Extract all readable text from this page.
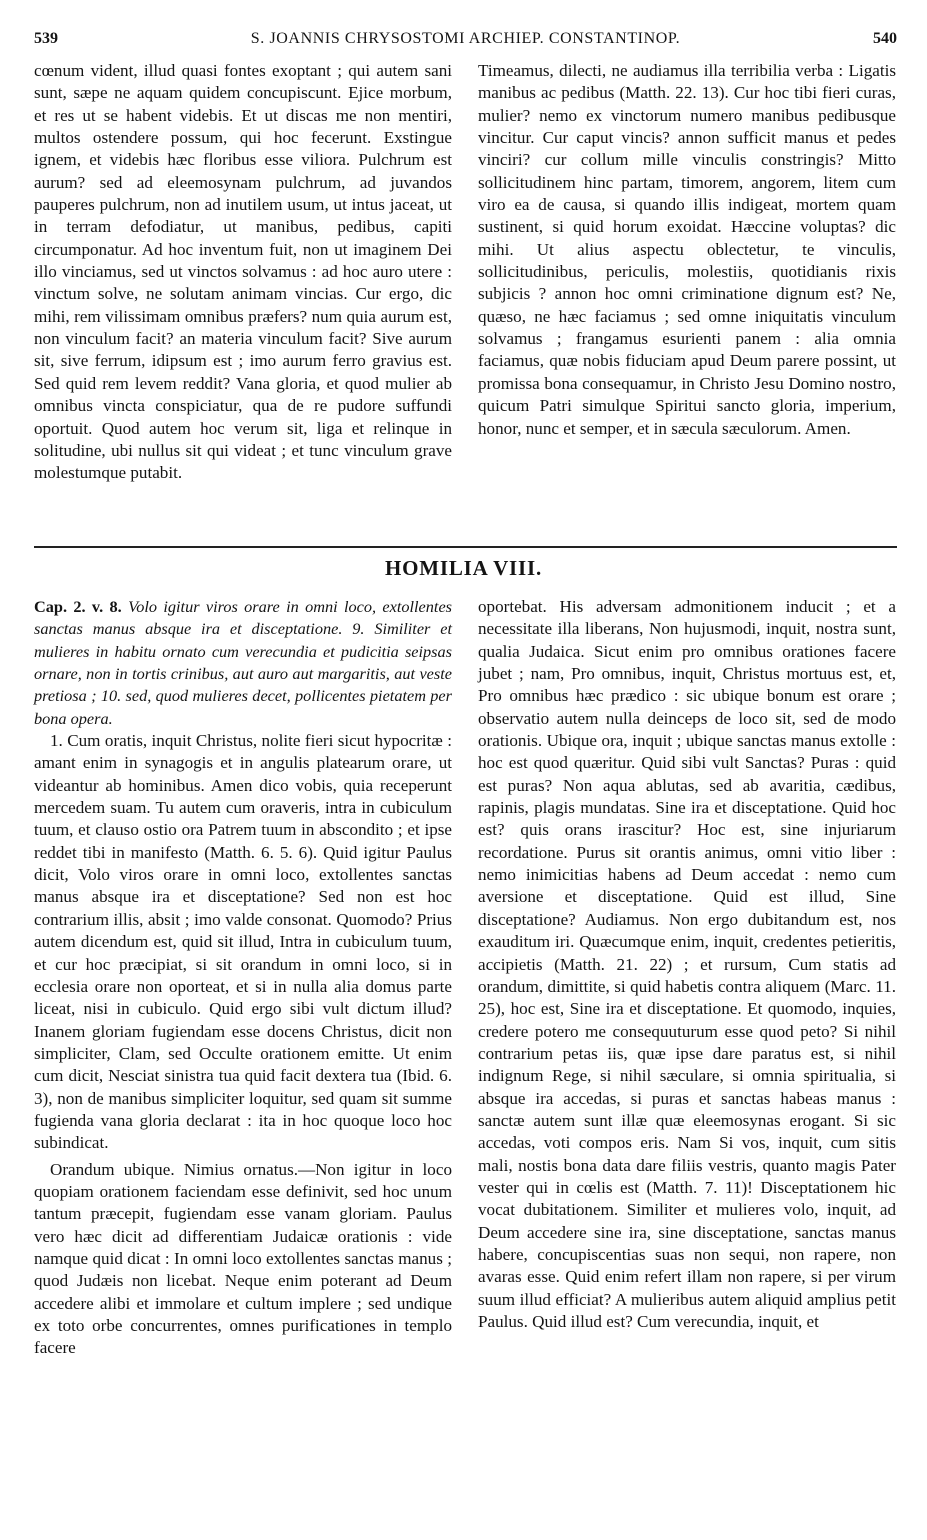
539	S. JOANNIS CHRYSOSTOMI ARCHIEP. CONSTANTINOP.	540

cœnum vident, illud quasi fontes exoptant ; qui autem sani sunt, sæpe ne aquam quidem concupiscunt. Ejice morbum, et res ut se habent videbis. Et ut discas me non mentiri, multos ostendere possum, qui hoc fecerunt. Exstingue ignem, et videbis hæc floribus esse viliora. Pulchrum est aurum? sed ad eleemosynam pulchrum, ad juvandos pauperes pulchrum, non ad inutilem usum, ut intus jaceat, ut in terram defodiatur, ut manibus, pedibus, capiti circumponatur. Ad hoc inventum fuit, non ut imaginem Dei illo vinciamus, sed ut vinctos solvamus : ad hoc auro utere : vinctum solve, ne solutam animam vincias. Cur ergo, dic mihi, rem vilissimam omnibus præfers? num quia aurum est, non vinculum facit? an materia vinculum facit? Sive aurum sit, sive ferrum, idipsum est ; imo aurum ferro gravius est. Sed quid rem levem reddit? Vana gloria, et quod mulier ab omnibus vincta conspiciatur, qua de re pudore suffundi oportuit. Quod autem hoc verum sit, liga et relinque in solitudine, ubi nullus sit qui videat ; et tunc vinculum grave molestumque putabit.

Timeamus, dilecti, ne audiamus illa terribilia verba : Ligatis manibus ac pedibus (Matth. 22. 13). Cur hoc tibi fieri curas, mulier? nemo ex vinctorum numero manibus pedibusque vincitur. Cur caput vincis? annon sufficit manus et pedes vinciri? cur collum mille vinculis constringis? Mitto sollicitudinem hinc partam, timorem, angorem, litem cum viro ea de causa, si quando illis indigeat, mortem quam sustinent, si quid horum exoidat. Hæccine voluptas? dic mihi. Ut alius aspectu oblectetur, te vinculis, sollicitudinibus, periculis, molestiis, quotidianis rixis subjicis ? annon hoc omni criminatione dignum est? Ne, quæso, ne hæc faciamus ; sed omne iniquitatis vinculum solvamus ; frangamus esurienti panem : alia omnia faciamus, quæ nobis fiduciam apud Deum parere possint, ut promissa bona consequamur, in Christo Jesu Domino nostro, quicum Patri simulque Spiritui sancto gloria, imperium, honor, nunc et semper, et in sæcula sæculorum. Amen.

HOMILIA VIII.

Cap. 2. v. 8. Volo igitur viros orare in omni loco, extollentes sanctas manus absque ira et disceptatione. 9. Similiter et mulieres in habitu ornato cum verecundia et pudicitia seipsas ornare, non in tortis crinibus, aut auro aut margaritis, aut veste pretiosa ; 10. sed, quod mulieres decet, pollicentes pietatem per bona opera.

1. Cum oratis, inquit Christus, nolite fieri sicut hypocritæ : amant enim in synagogis et in angulis platearum orare, ut videantur ab hominibus. Amen dico vobis, quia receperunt mercedem suam. Tu autem cum oraveris, intra in cubiculum tuum, et clauso ostio ora Patrem tuum in abscondito ; et ipse reddet tibi in manifesto (Matth. 6. 5. 6). Quid igitur Paulus dicit, Volo viros orare in omni loco, extollentes sanctas manus absque ira et disceptatione? Sed non est hoc contrarium illis, absit ; imo valde consonat. Quomodo? Prius autem dicendum est, quid sit illud, Intra in cubiculum tuum, et cur hoc præcipiat, si sit orandum in omni loco, si in ecclesia orare non oporteat, et si in nulla alia domus parte liceat, nisi in cubiculo. Quid ergo sibi vult dictum illud? Inanem gloriam fugiendam esse docens Christus, dicit non simpliciter, Clam, sed Occulte orationem emitte. Ut enim cum dicit, Nesciat sinistra tua quid facit dextera tua (Ibid. 6. 3), non de manibus simpliciter loquitur, sed quam sit summe fugienda vana gloria declarat : ita in hoc quoque loco hoc subindicat.

Orandum ubique. Nimius ornatus.—Non igitur in loco quopiam orationem faciendam esse definivit, sed hoc unum tantum præcepit, fugiendam esse vanam gloriam. Paulus vero hæc dicit ad differentiam Judaicæ orationis : vide namque quid dicat : In omni loco extollentes sanctas manus ; quod Judæis non licebat. Neque enim poterant ad Deum accedere alibi et immolare et cultum implere ; sed undique ex toto orbe concurrentes, omnes purificationes in templo facere

oportebat. His adversam admonitionem inducit ; et a necessitate illa liberans, Non hujusmodi, inquit, nostra sunt, qualia Judaica. Sicut enim pro omnibus orationes facere jubet ; nam, Pro omnibus, inquit, Christus mortuus est, et, Pro omnibus hæc prædico : sic ubique bonum est orare ; observatio autem nulla deinceps de loco sit, sed de modo orationis. Ubique ora, inquit ; ubique sanctas manus extolle : hoc est quod quæritur. Quid sibi vult Sanctas? Puras : quid est puras? Non aqua ablutas, sed ab avaritia, cædibus, rapinis, plagis mundatas. Sine ira et disceptatione. Quid hoc est? quis orans irascitur? Hoc est, sine injuriarum recordatione. Purus sit orantis animus, omni vitio liber : nemo inimicitias habens ad Deum accedat : nemo cum aversione et disceptatione. Quid est illud, Sine disceptatione? Audiamus. Non ergo dubitandum est, nos exauditum iri. Quæcumque enim, inquit, credentes petieritis, accipietis (Matth. 21. 22) ; et rursum, Cum statis ad orandum, dimittite, si quid habetis contra aliquem (Marc. 11. 25), hoc est, Sine ira et disceptatione. Et quomodo, inquies, credere potero me consequuturum esse quod peto? Si nihil contrarium petas iis, quæ ipse dare paratus est, si nihil indignum Rege, si nihil sæculare, si omnia spiritualia, si absque ira accedas, si puras et sanctas habeas manus : sanctæ autem sunt illæ quæ eleemosynas erogant. Si sic accedas, voti compos eris. Nam Si vos, inquit, cum sitis mali, nostis bona data dare filiis vestris, quanto magis Pater vester qui in cœlis est (Matth. 7. 11)! Disceptationem hic vocat dubitationem. Similiter et mulieres volo, inquit, ad Deum accedere sine ira, sine disceptatione, sanctas manus habere, concupiscentias suas non sequi, non rapere, non avaras esse. Quid enim refert illam non rapere, si per virum suum illud efficiat? A mulieribus autem aliquid amplius petit Paulus. Quid illud est? Cum verecundia, inquit, et
